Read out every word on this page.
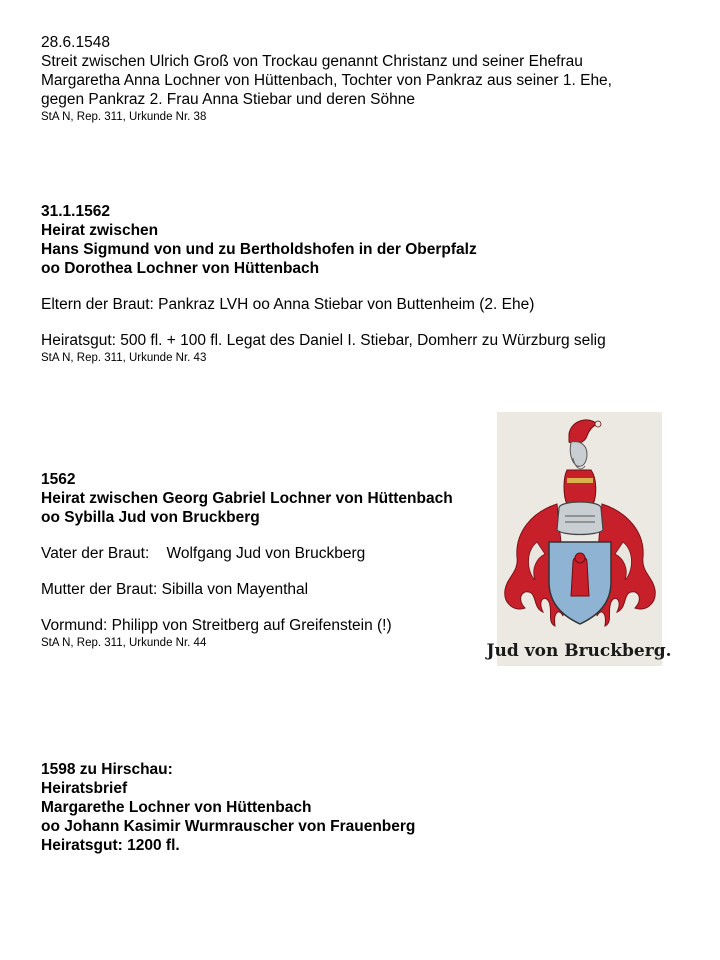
28.6.1548
Streit zwischen Ulrich Groß von Trockau genannt Christanz und seiner Ehefrau
Margaretha Anna Lochner von Hüttenbach, Tochter von Pankraz aus seiner 1. Ehe,
gegen Pankraz 2. Frau Anna Stiebar und deren Söhne
StA N, Rep. 311, Urkunde Nr. 38
31.1.1562
Heirat zwischen
Hans Sigmund von und zu Bertholdshofen in der Oberpfalz
oo Dorothea Lochner von Hüttenbach
Eltern der Braut: Pankraz LVH oo Anna Stiebar von Buttenheim (2. Ehe)
Heiratsgut: 500 fl. + 100 fl. Legat des Daniel I. Stiebar, Domherr zu Würzburg selig
StA N, Rep. 311, Urkunde Nr. 43
1562
Heirat zwischen Georg Gabriel Lochner von Hüttenbach
oo Sybilla Jud von Bruckberg
Vater der Braut:    Wolfgang Jud von Bruckberg
Mutter der Braut: Sibilla von Mayenthal
Vormund: Philipp von Streitberg auf Greifenstein (!)
StA N, Rep. 311, Urkunde Nr. 44
1598 zu Hirschau:
Heiratsbrief
Margarethe Lochner von Hüttenbach
oo Johann Kasimir Wurmrauscher von Frauenberg
Heiratsgut: 1200 fl.
Jud von Bruckberg.
